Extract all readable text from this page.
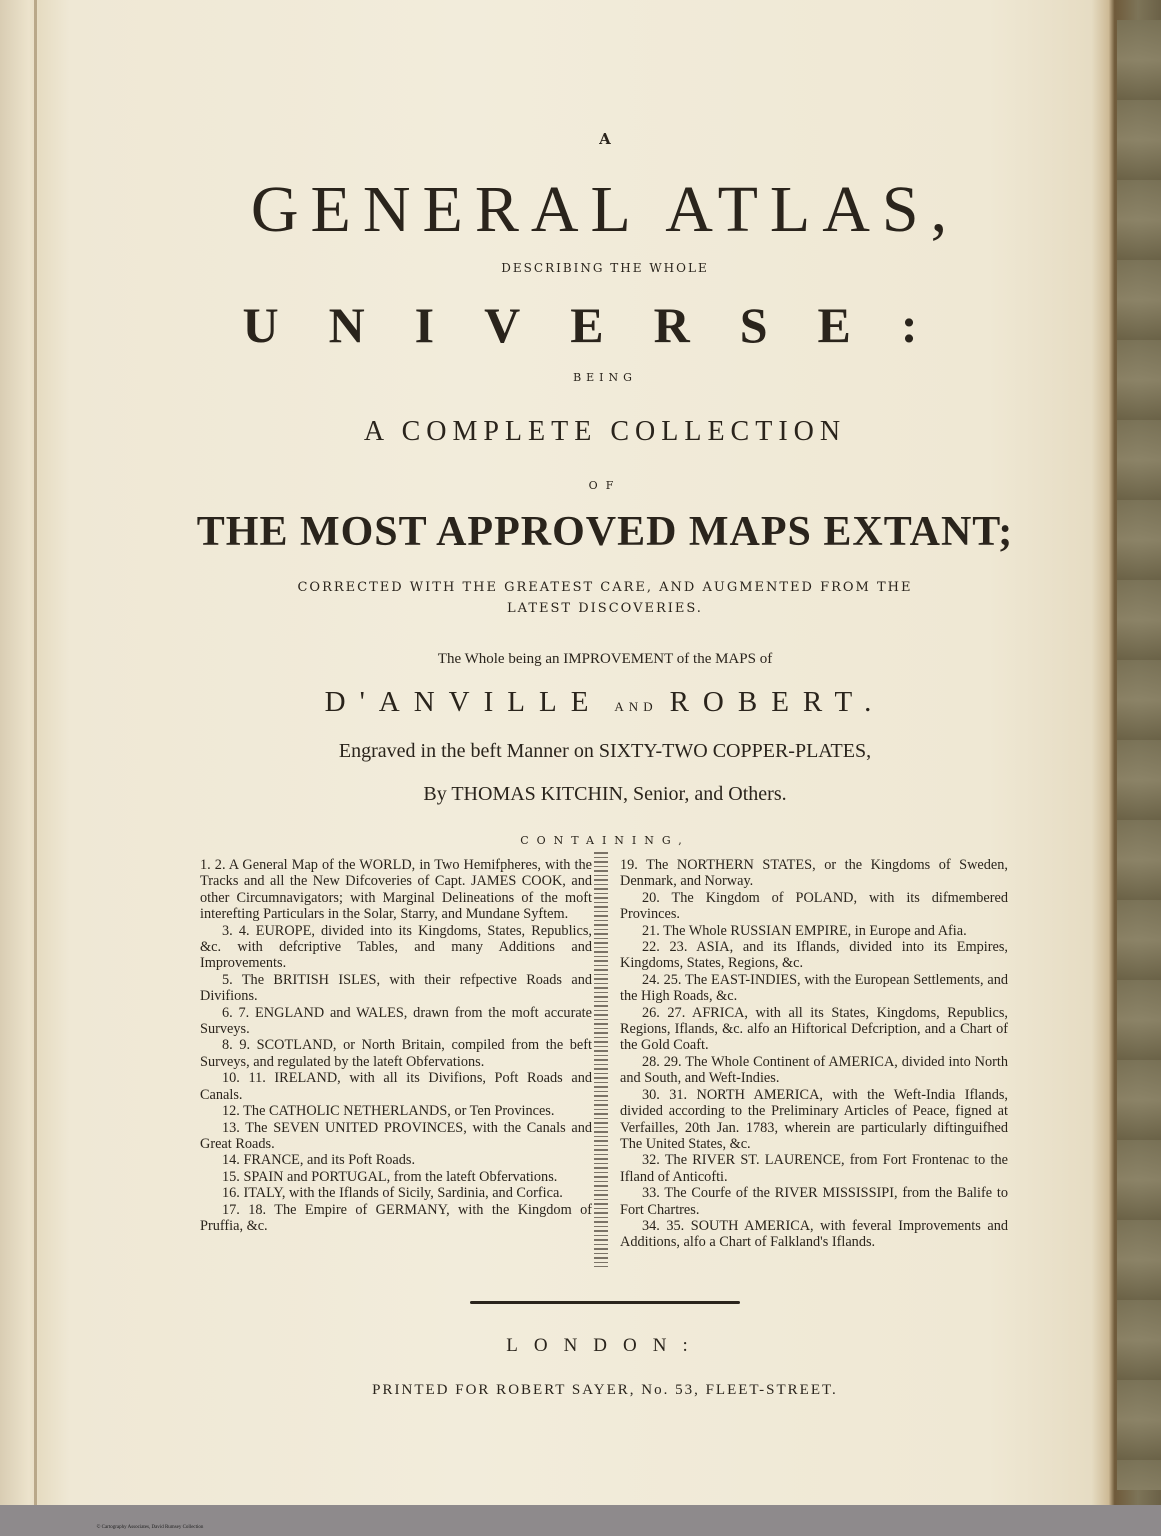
A
GENERAL ATLAS,
DESCRIBING THE WHOLE
UNIVERSE:
BEING
A COMPLETE COLLECTION
OF
THE MOST APPROVED MAPS EXTANT;
CORRECTED WITH THE GREATEST CARE, AND AUGMENTED FROM THE
LATEST DISCOVERIES.
The Whole being an IMPROVEMENT of the MAPS of
D'ANVILLE AND ROBERT.
Engraved in the beft Manner on SIXTY-TWO COPPER-PLATES,
By THOMAS KITCHIN, Senior, and Others.
CONTAINING,

1. 2. A General Map of the WORLD, in Two Hemifpheres, with the Tracks and all the New Difcoveries of Capt. JAMES COOK, and other Circumnavigators; with Marginal Delineations of the moft interefting Particulars in the Solar, Starry, and Mundane Syftem.

3. 4. EUROPE, divided into its Kingdoms, States, Republics, &c. with defcriptive Tables, and many Additions and Improvements.

5. The BRITISH ISLES, with their refpective Roads and Divifions.

6. 7. ENGLAND and WALES, drawn from the moft accurate Surveys.

8. 9. SCOTLAND, or North Britain, compiled from the beft Surveys, and regulated by the lateft Obfervations.

10. 11. IRELAND, with all its Divifions, Poft Roads and Canals.

12. The CATHOLIC NETHERLANDS, or Ten Provinces.

13. The SEVEN UNITED PROVINCES, with the Canals and Great Roads.

14. FRANCE, and its Poft Roads.

15. SPAIN and PORTUGAL, from the lateft Obfervations.

16. ITALY, with the Iflands of Sicily, Sardinia, and Corfica.

17. 18. The Empire of GERMANY, with the Kingdom of Pruffia, &c.

19. The NORTHERN STATES, or the Kingdoms of Sweden, Denmark, and Norway.

20. The Kingdom of POLAND, with its difmembered Provinces.

21. The Whole RUSSIAN EMPIRE, in Europe and Afia.

22. 23. ASIA, and its Iflands, divided into its Empires, Kingdoms, States, Regions, &c.

24. 25. The EAST-INDIES, with the European Settlements, and the High Roads, &c.

26. 27. AFRICA, with all its States, Kingdoms, Republics, Regions, Iflands, &c. alfo an Hiftorical Defcription, and a Chart of the Gold Coaft.

28. 29. The Whole Continent of AMERICA, divided into North and South, and Weft-Indies.

30. 31. NORTH AMERICA, with the Weft-India Iflands, divided according to the Preliminary Articles of Peace, figned at Verfailles, 20th Jan. 1783, wherein are particularly diftinguifhed The United States, &c.

32. The RIVER ST. LAURENCE, from Fort Frontenac to the Ifland of Anticofti.

33. The Courfe of the RIVER MISSISSIPI, from the Balife to Fort Chartres.

34. 35. SOUTH AMERICA, with feveral Improvements and Additions, alfo a Chart of Falkland's Iflands.

LONDON:
PRINTED FOR ROBERT SAYER, No. 53, FLEET-STREET.
© Cartography Associates, David Rumsey Collection
